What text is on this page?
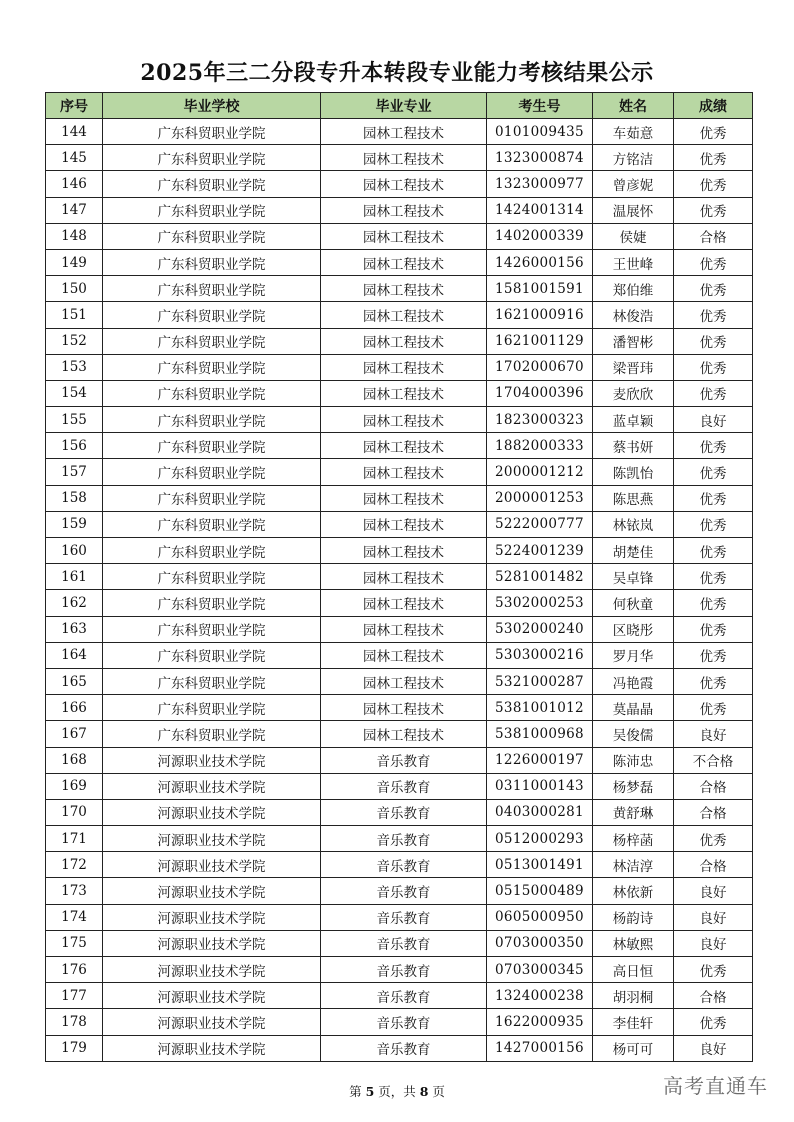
2025年三二分段专升本转段专业能力考核结果公示
序号	毕业学校	毕业专业	考生号	姓名	成绩
144	广东科贸职业学院	园林工程技术	0101009435	车茹意	优秀
145	广东科贸职业学院	园林工程技术	1323000874	方铭洁	优秀
146	广东科贸职业学院	园林工程技术	1323000977	曾彦妮	优秀
147	广东科贸职业学院	园林工程技术	1424001314	温展怀	优秀
148	广东科贸职业学院	园林工程技术	1402000339	侯婕	合格
149	广东科贸职业学院	园林工程技术	1426000156	王世峰	优秀
150	广东科贸职业学院	园林工程技术	1581001591	郑伯维	优秀
151	广东科贸职业学院	园林工程技术	1621000916	林俊浩	优秀
152	广东科贸职业学院	园林工程技术	1621001129	潘智彬	优秀
153	广东科贸职业学院	园林工程技术	1702000670	梁晋玮	优秀
154	广东科贸职业学院	园林工程技术	1704000396	麦欣欣	优秀
155	广东科贸职业学院	园林工程技术	1823000323	蓝卓颖	良好
156	广东科贸职业学院	园林工程技术	1882000333	蔡书妍	优秀
157	广东科贸职业学院	园林工程技术	2000001212	陈凯怡	优秀
158	广东科贸职业学院	园林工程技术	2000001253	陈思燕	优秀
159	广东科贸职业学院	园林工程技术	5222000777	林铱岚	优秀
160	广东科贸职业学院	园林工程技术	5224001239	胡楚佳	优秀
161	广东科贸职业学院	园林工程技术	5281001482	吴卓锋	优秀
162	广东科贸职业学院	园林工程技术	5302000253	何秋童	优秀
163	广东科贸职业学院	园林工程技术	5302000240	区晓彤	优秀
164	广东科贸职业学院	园林工程技术	5303000216	罗月华	优秀
165	广东科贸职业学院	园林工程技术	5321000287	冯艳霞	优秀
166	广东科贸职业学院	园林工程技术	5381001012	莫晶晶	优秀
167	广东科贸职业学院	园林工程技术	5381000968	吴俊儒	良好
168	河源职业技术学院	音乐教育	1226000197	陈沛忠	不合格
169	河源职业技术学院	音乐教育	0311000143	杨梦磊	合格
170	河源职业技术学院	音乐教育	0403000281	黄舒琳	合格
171	河源职业技术学院	音乐教育	0512000293	杨梓菡	优秀
172	河源职业技术学院	音乐教育	0513001491	林洁淳	合格
173	河源职业技术学院	音乐教育	0515000489	林依新	良好
174	河源职业技术学院	音乐教育	0605000950	杨韵诗	良好
175	河源职业技术学院	音乐教育	0703000350	林敏熙	良好
176	河源职业技术学院	音乐教育	0703000345	高日恒	优秀
177	河源职业技术学院	音乐教育	1324000238	胡羽桐	合格
178	河源职业技术学院	音乐教育	1622000935	李佳轩	优秀
179	河源职业技术学院	音乐教育	1427000156	杨可可	良好
第 5 页，共 8 页	高考直通车
